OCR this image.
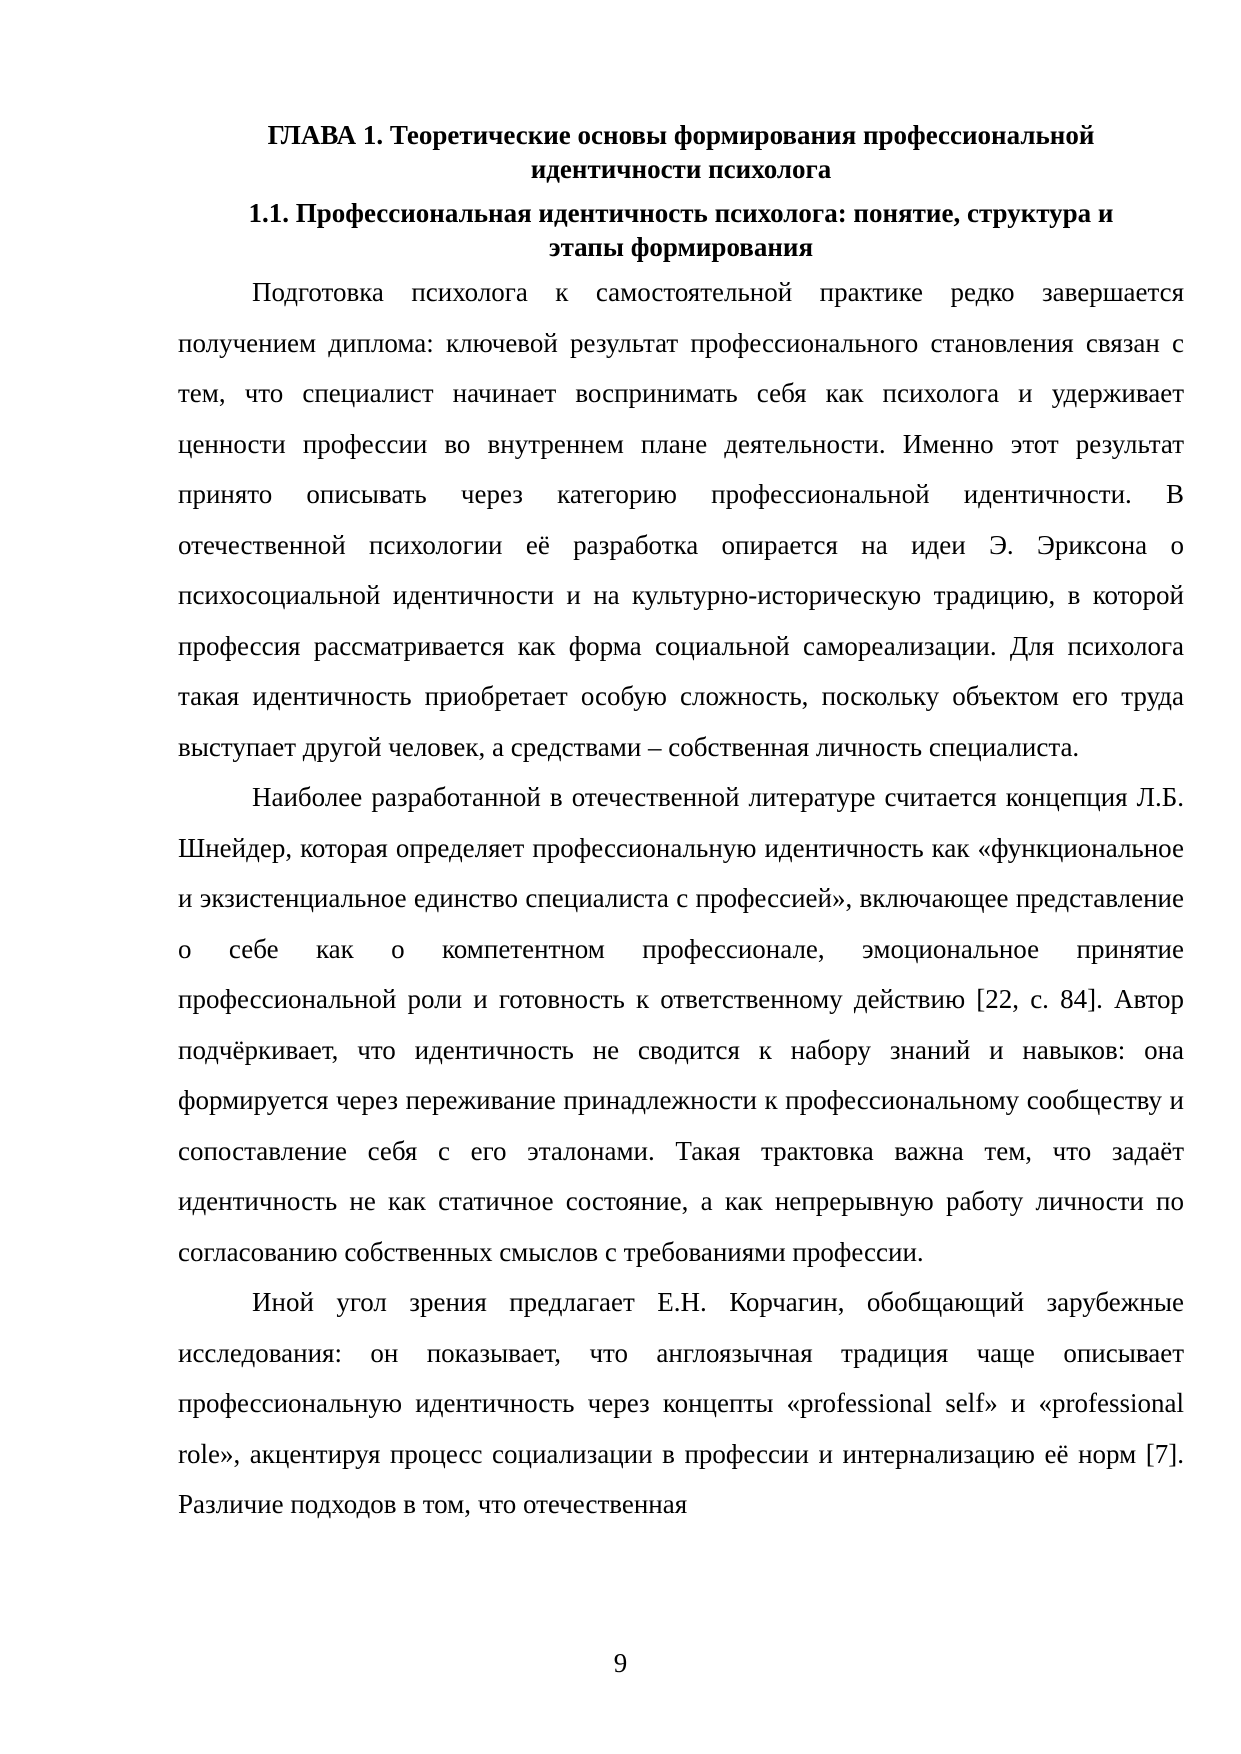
ГЛАВА 1. Теоретические основы формирования профессиональной
идентичности психолога
1.1. Профессиональная идентичность психолога: понятие, структура и
этапы формирования

Подготовка психолога к самостоятельной практике редко завершается получением диплома: ключевой результат профессионального становления связан с тем, что специалист начинает воспринимать себя как психолога и удерживает ценности профессии во внутреннем плане деятельности. Именно этот результат принято описывать через категорию профессиональной идентичности. В отечественной психологии её разработка опирается на идеи Э. Эриксона о психосоциальной идентичности и на культурно-историческую традицию, в которой профессия рассматривается как форма социальной самореализации. Для психолога такая идентичность приобретает особую сложность, поскольку объектом его труда выступает другой человек, а средствами – собственная личность специалиста.

Наиболее разработанной в отечественной литературе считается концепция Л.Б. Шнейдер, которая определяет профессиональную идентичность как «функциональное и экзистенциальное единство специалиста с профессией», включающее представление о себе как о компетентном профессионале, эмоциональное принятие профессиональной роли и готовность к ответственному действию [22, с. 84]. Автор подчёркивает, что идентичность не сводится к набору знаний и навыков: она формируется через переживание принадлежности к профессиональному сообществу и сопоставление себя с его эталонами. Такая трактовка важна тем, что задаёт идентичность не как статичное состояние, а как непрерывную работу личности по согласованию собственных смыслов с требованиями профессии.

Иной угол зрения предлагает Е.Н. Корчагин, обобщающий зарубежные исследования: он показывает, что англоязычная традиция чаще описывает профессиональную идентичность через концепты «professional self» и «professional role», акцентируя процесс социализации в профессии и интернализацию её норм [7]. Различие подходов в том, что отечественная

9
